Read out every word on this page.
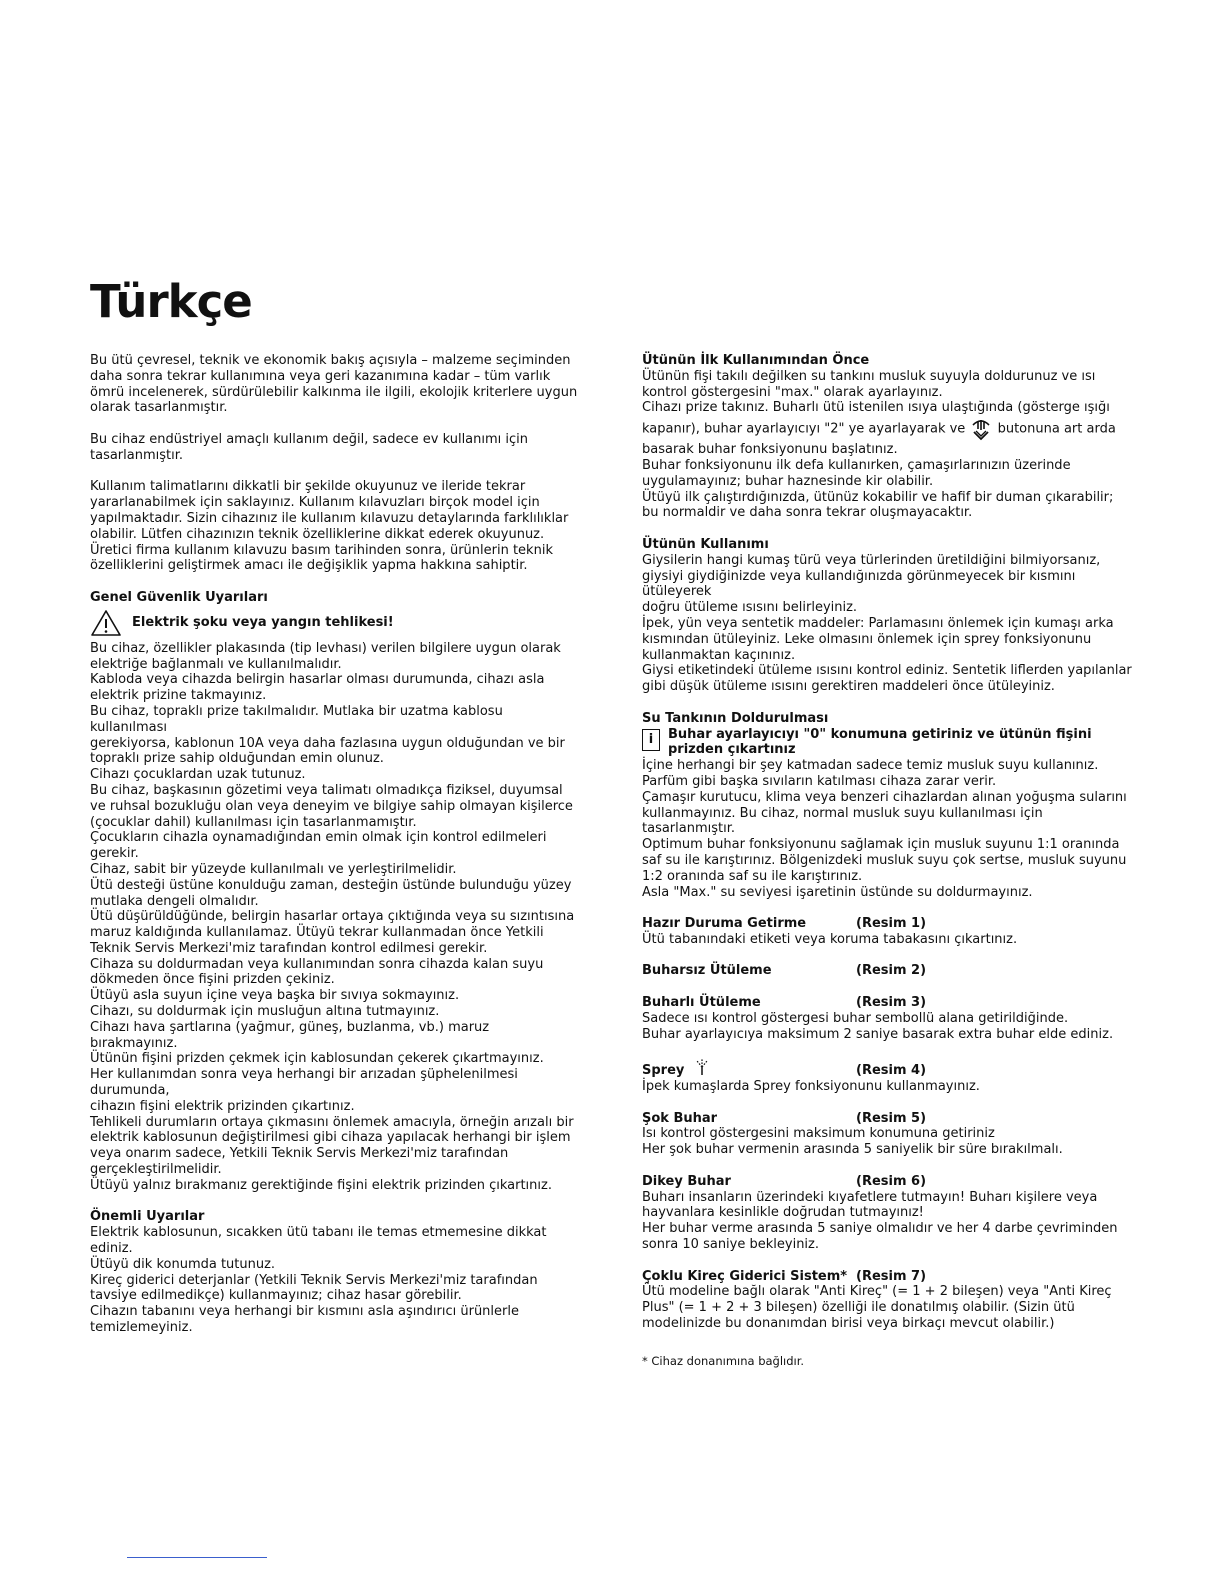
Türkçe

Bu ütü çevresel, teknik ve ekonomik bakış açısıyla – malzeme seçiminden

daha sonra tekrar kullanımına veya geri kazanımına kadar – tüm varlık

ömrü incelenerek, sürdürülebilir kalkınma ile ilgili, ekolojik kriterlere uygun

olarak tasarlanmıştır.

Bu cihaz endüstriyel amaçlı kullanım değil, sadece ev kullanımı için

tasarlanmıştır.

Kullanım talimatlarını dikkatli bir şekilde okuyunuz ve ileride tekrar

yararlanabilmek için saklayınız. Kullanım kılavuzları birçok model için

yapılmaktadır. Sizin cihazınız ile kullanım kılavuzu detaylarında farklılıklar

olabilir. Lütfen cihazınızın teknik özelliklerine dikkat ederek okuyunuz.

Üretici firma kullanım kılavuzu basım tarihinden sonra, ürünlerin teknik

özelliklerini geliştirmek amacı ile değişiklik yapma hakkına sahiptir.

Genel Güvenlik Uyarıları

Elektrik şoku veya yangın tehlikesi!

Bu cihaz, özellikler plakasında (tip levhası) verilen bilgilere uygun olarak

elektriğe bağlanmalı ve kullanılmalıdır.

Kabloda veya cihazda belirgin hasarlar olması durumunda, cihazı asla

elektrik prizine takmayınız.

Bu cihaz, topraklı prize takılmalıdır. Mutlaka bir uzatma kablosu kullanılması

gerekiyorsa, kablonun 10A veya daha fazlasına uygun olduğundan ve bir

topraklı prize sahip olduğundan emin olunuz.

Cihazı çocuklardan uzak tutunuz.

Bu cihaz, başkasının gözetimi veya talimatı olmadıkça fiziksel, duyumsal

ve ruhsal bozukluğu olan veya deneyim ve bilgiye sahip olmayan kişilerce

(çocuklar dahil) kullanılması için tasarlanmamıştır.

Çocukların cihazla oynamadığından emin olmak için kontrol edilmeleri

gerekir.

Cihaz, sabit bir yüzeyde kullanılmalı ve yerleştirilmelidir.

Ütü desteği üstüne konulduğu zaman, desteğin üstünde bulunduğu yüzey

mutlaka dengeli olmalıdır.

Ütü düşürüldüğünde, belirgin hasarlar ortaya çıktığında veya su sızıntısına

maruz kaldığında kullanılamaz. Ütüyü tekrar kullanmadan önce Yetkili

Teknik Servis Merkezi'miz tarafından kontrol edilmesi gerekir.

Cihaza su doldurmadan veya kullanımından sonra cihazda kalan suyu

dökmeden önce fişini prizden çekiniz.

Ütüyü asla suyun içine veya başka bir sıvıya sokmayınız.

Cihazı, su doldurmak için musluğun altına tutmayınız.

Cihazı hava şartlarına (yağmur, güneş, buzlanma, vb.) maruz bırakmayınız.

Ütünün fişini prizden çekmek için kablosundan çekerek çıkartmayınız.

Her kullanımdan sonra veya herhangi bir arızadan şüphelenilmesi durumunda,

cihazın fişini elektrik prizinden çıkartınız.

Tehlikeli durumların ortaya çıkmasını önlemek amacıyla, örneğin arızalı bir

elektrik kablosunun değiştirilmesi gibi cihaza yapılacak herhangi bir işlem

veya onarım sadece, Yetkili Teknik Servis Merkezi'miz tarafından

gerçekleştirilmelidir.

Ütüyü yalnız bırakmanız gerektiğinde fişini elektrik prizinden çıkartınız.

Önemli Uyarılar

Elektrik kablosunun, sıcakken ütü tabanı ile temas etmemesine dikkat

ediniz.

Ütüyü dik konumda tutunuz.

Kireç giderici deterjanlar (Yetkili Teknik Servis Merkezi'miz tarafından

tavsiye edilmedikçe) kullanmayınız; cihaz hasar görebilir.

Cihazın tabanını veya herhangi bir kısmını asla aşındırıcı ürünlerle

temizlemeyiniz.

Ütünün İlk Kullanımından Önce

Ütünün fişi takılı değilken su tankını musluk suyuyla doldurunuz ve ısı

kontrol göstergesini "max." olarak ayarlayınız.

Cihazı prize takınız. Buharlı ütü istenilen ısıya ulaştığında (gösterge ışığı

kapanır), buhar ayarlayıcıyı "2" ye ayarlayarak ve butonuna art arda

basarak buhar fonksiyonunu başlatınız.

Buhar fonksiyonunu ilk defa kullanırken, çamaşırlarınızın üzerinde

uygulamayınız; buhar haznesinde kir olabilir.

Ütüyü ilk çalıştırdığınızda, ütünüz kokabilir ve hafif bir duman çıkarabilir;

bu normaldir ve daha sonra tekrar oluşmayacaktır.

Ütünün Kullanımı

Giysilerin hangi kumaş türü veya türlerinden üretildiğini bilmiyorsanız,

giysiyi giydiğinizde veya kullandığınızda görünmeyecek bir kısmını ütüleyerek

doğru ütüleme ısısını belirleyiniz.

İpek, yün veya sentetik maddeler: Parlamasını önlemek için kumaşı arka

kısmından ütüleyiniz. Leke olmasını önlemek için sprey fonksiyonunu

kullanmaktan kaçınınız.

Giysi etiketindeki ütüleme ısısını kontrol ediniz. Sentetik liflerden yapılanlar

gibi düşük ütüleme ısısını gerektiren maddeleri önce ütüleyiniz.

Su Tankının Doldurulması

i	Buhar ayarlayıcıyı "0" konumuna getiriniz ve ütünün fişini prizden çıkartınız

İçine herhangi bir şey katmadan sadece temiz musluk suyu kullanınız.

Parfüm gibi başka sıvıların katılması cihaza zarar verir.

Çamaşır kurutucu, klima veya benzeri cihazlardan alınan yoğuşma sularını

kullanmayınız. Bu cihaz, normal musluk suyu kullanılması için tasarlanmıştır.

Optimum buhar fonksiyonunu sağlamak için musluk suyunu 1:1 oranında

saf su ile karıştırınız. Bölgenizdeki musluk suyu çok sertse, musluk suyunu

1:2 oranında saf su ile karıştırınız.

Asla "Max." su seviyesi işaretinin üstünde su doldurmayınız.

Hazır Duruma Getirme	(Resim 1)

Ütü tabanındaki etiketi veya koruma tabakasını çıkartınız.

Buharsız Ütüleme	(Resim 2)

Buharlı Ütüleme	(Resim 3)

Sadece ısı kontrol göstergesi buhar sembollü alana getirildiğinde.

Buhar ayarlayıcıya maksimum 2 saniye basarak extra buhar elde ediniz.

Sprey	(Resim 4)

İpek kumaşlarda Sprey fonksiyonunu kullanmayınız.

Şok Buhar	(Resim 5)

Isı kontrol göstergesini maksimum konumuna getiriniz

Her şok buhar vermenin arasında 5 saniyelik bir süre bırakılmalı.

Dikey Buhar	(Resim 6)

Buharı insanların üzerindeki kıyafetlere tutmayın! Buharı kişilere veya

hayvanlara kesinlikle doğrudan tutmayınız!

Her buhar verme arasında 5 saniye olmalıdır ve her 4 darbe çevriminden

sonra 10 saniye bekleyiniz.

Çoklu Kireç Giderici Sistem* (Resim 7)

Ütü modeline bağlı olarak "Anti Kireç" (= 1 + 2 bileşen) veya "Anti Kireç

Plus" (= 1 + 2 + 3 bileşen) özelliği ile donatılmış olabilir. (Sizin ütü

modelinizde bu donanımdan birisi veya birkaçı mevcut olabilir.)

* Cihaz donanımına bağlıdır.
